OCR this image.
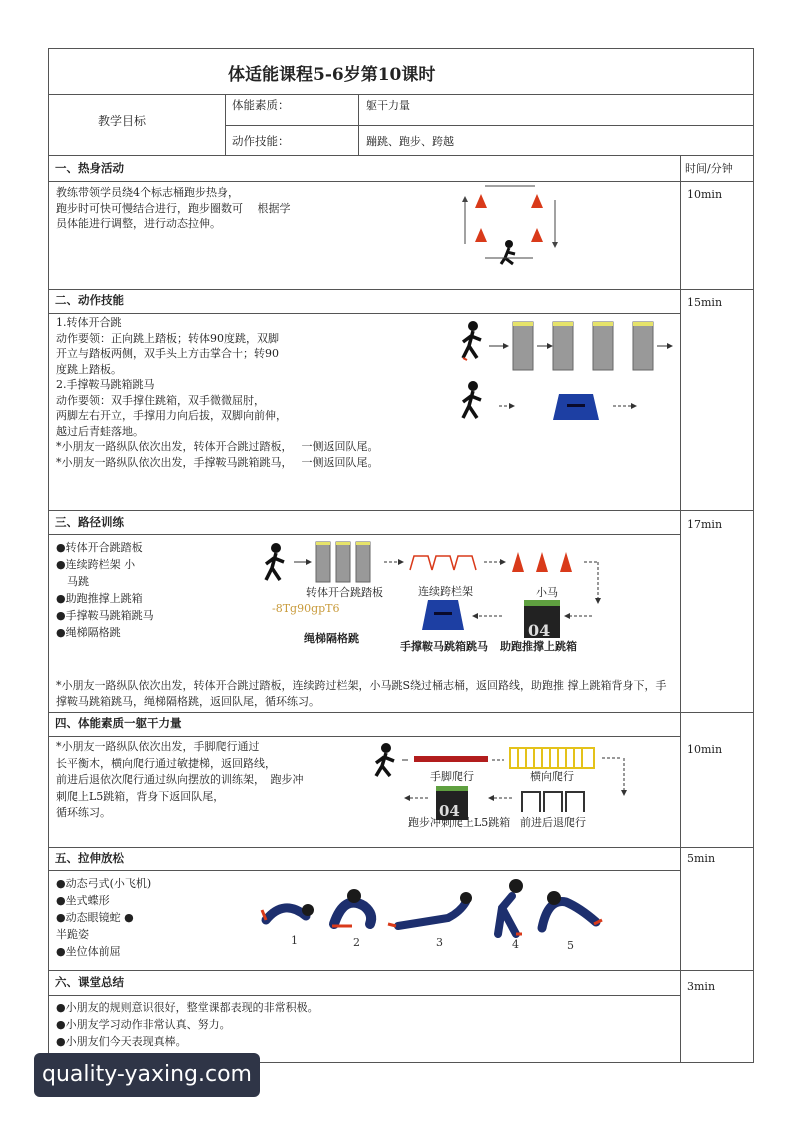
体适能课程5-6岁第10课时
教学目标
体能素质：	躯干力量
动作技能：	蹦跳、跑步、跨越
时间/分钟
一、热身活动
10min
教练带领学员绕4个标志桶跑步热身，
跑步时可快可慢结合进行，跑步圈数可　 根据学
员体能进行调整，进行动态拉伸。
二、动作技能	15min
1.转体开合跳
动作要领：正向跳上踏板；转体90度跳，双脚
开立与踏板两侧，双手头上方击掌合十；转90
度跳上踏板。
2.手撑鞍马跳箱跳马
动作要领：双手撑住跳箱，双手微微屈肘，
两脚左右开立，手撑用力向后拔，双脚向前伸，
越过后青蛙落地。
*小朋友一路纵队依次出发，转体开合跳过踏板，　 一侧返回队尾。
*小朋友一路纵队依次出发，手撑鞍马跳箱跳马，　 一侧返回队尾。
三、路径训练	17min
●转体开合跳踏板
●连续跨栏架 小
　马跳
●助跑推撑上跳箱
●手撑鞍马跳箱跳马
●绳梯隔格跳
*小朋友一路纵队依次出发，转体开合跳过踏板，连续跨过栏架，小马跳S绕过桶志桶，返回路线，助跑推 撑上跳箱背身下，手
撑鞍马跳箱跳马，绳梯隔格跳，返回队尾，循环练习。
04
转体开合跳踏板	连续跨栏架	小马
-8Tg90gpT6
绳梯隔格跳
手撑鞍马跳箱跳马 助跑推撑上跳箱
四、体能素质一躯干力量
10min
*小朋友一路纵队依次出发，手脚爬行通过
长平衡木，横向爬行通过敏捷梯，返回路线，
前进后退依次爬行通过纵向摆放的训练架，　跑步冲
刺爬上L5跳箱，背身下返回队尾，
循环练习。	04
手脚爬行	横向爬行
跑步冲刺爬上L5跳箱 前进后退爬行
五、拉伸放松	5min
●动态弓式(小飞机)
●坐式蝶形
●动态眼镜蛇 ●
半跪姿
●坐位体前屈
1	2	3	4	5
六、课堂总结	3min
●小朋友的规则意识很好，整堂课都表现的非常积极。
●小朋友学习动作非常认真、努力。
●小朋友们今天表现真棒。
quality-yaxing.com
